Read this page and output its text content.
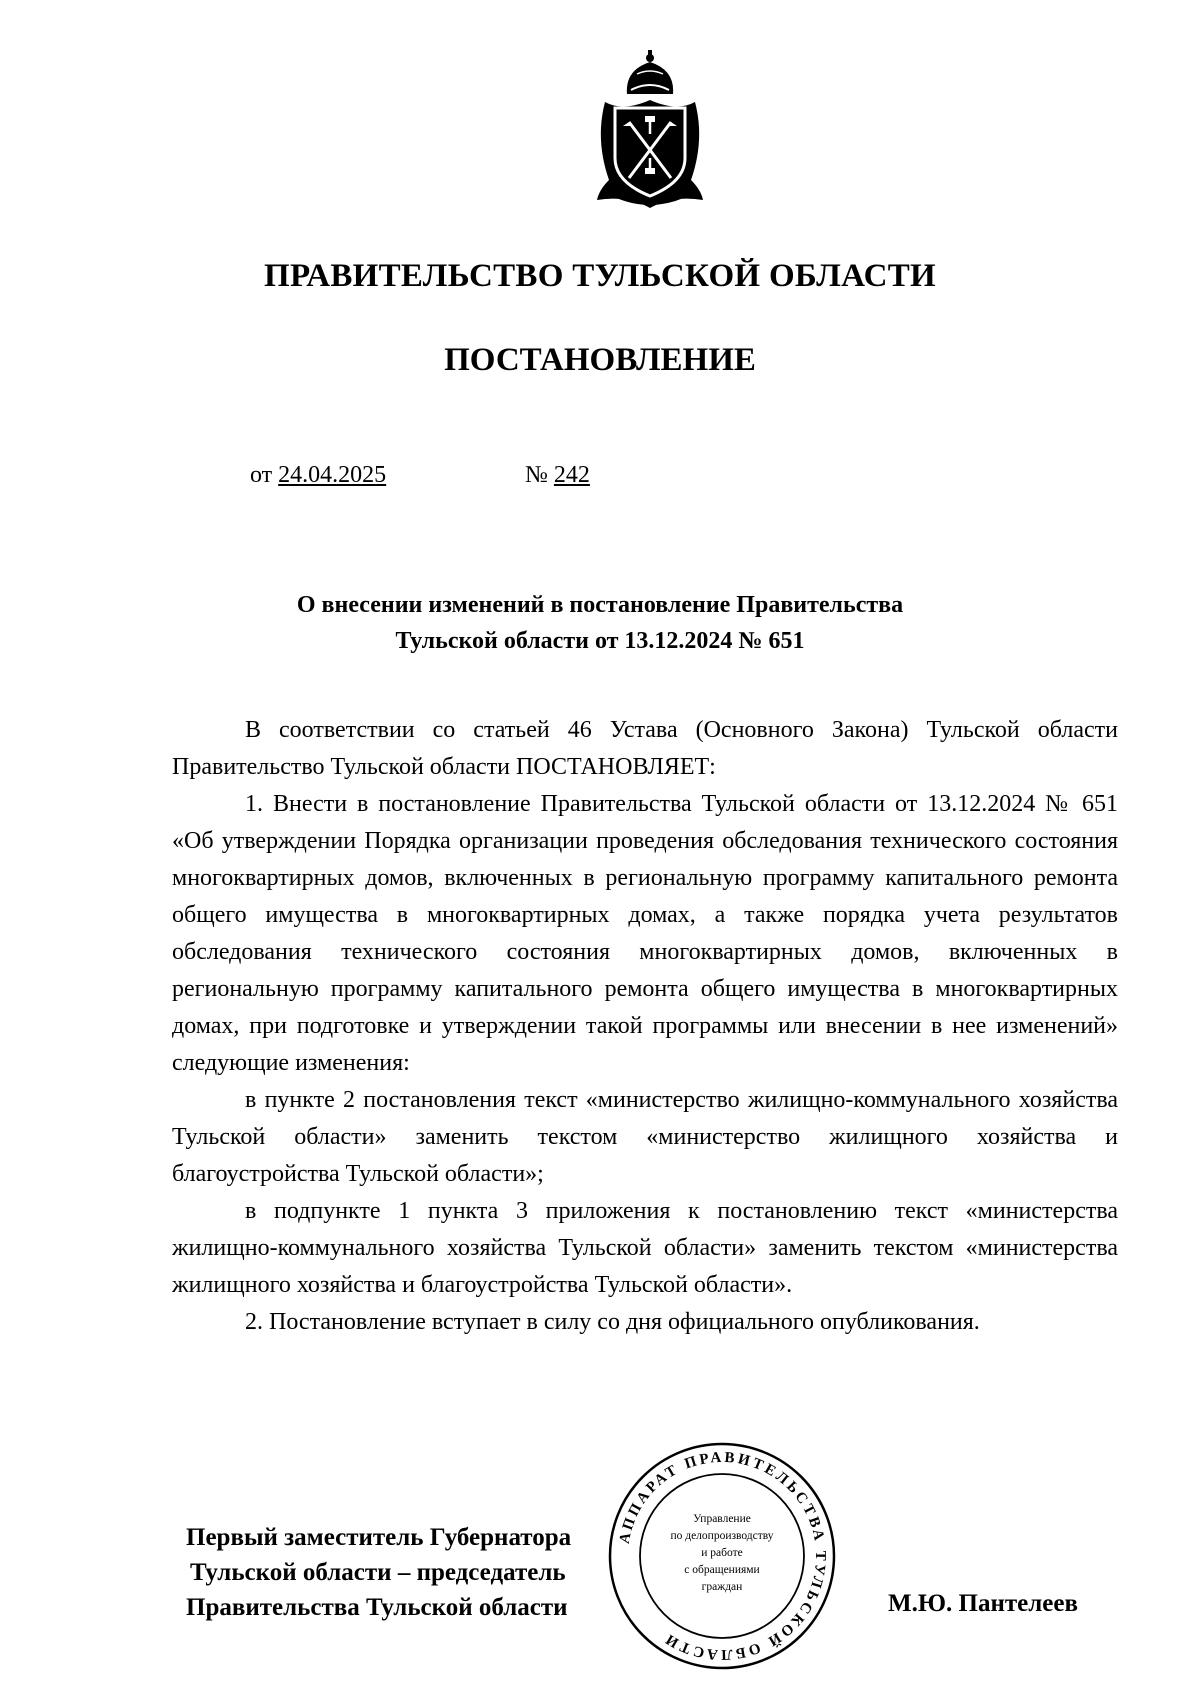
ПРАВИТЕЛЬСТВО ТУЛЬСКОЙ ОБЛАСТИ
ПОСТАНОВЛЕНИЕ
от 24.04.2025	№ 242
О внесении изменений в постановление Правительства
Тульской области от 13.12.2024 № 651

В соответствии со статьей 46 Устава (Основного Закона) Тульской области Правительство Тульской области ПОСТАНОВЛЯЕТ:

1. Внести в постановление Правительства Тульской области от 13.12.2024 № 651 «Об утверждении Порядка организации проведения обследования технического состояния многоквартирных домов, включенных в региональную программу капитального ремонта общего имущества в многоквартирных домах, а также порядка учета результатов обследования технического состояния многоквартирных домов, включенных в региональную программу капитального ремонта общего имущества в многоквартирных домах, при подготовке и утверждении такой программы или внесении в нее изменений» следующие изменения:

в пункте 2 постановления текст «министерство жилищно-коммунального хозяйства Тульской области» заменить текстом «министерство жилищного хозяйства и благоустройства Тульской области»;

в подпункте 1 пункта 3 приложения к постановлению текст «министерства жилищно-коммунального хозяйства Тульской области» заменить текстом «министерства жилищного хозяйства и благоустройства Тульской области».

2. Постановление вступает в силу со дня официального опубликования.

Первый заместитель Губернатора
Тульской области – председатель
Правительства Тульской области	М.Ю. Пантелеев
АППАРАТ ПРАВИТЕЛЬСТВА ТУЛЬСКОЙ ОБЛАСТИ
Управление
по делопроизводству
и работе
с обращениями
граждан
